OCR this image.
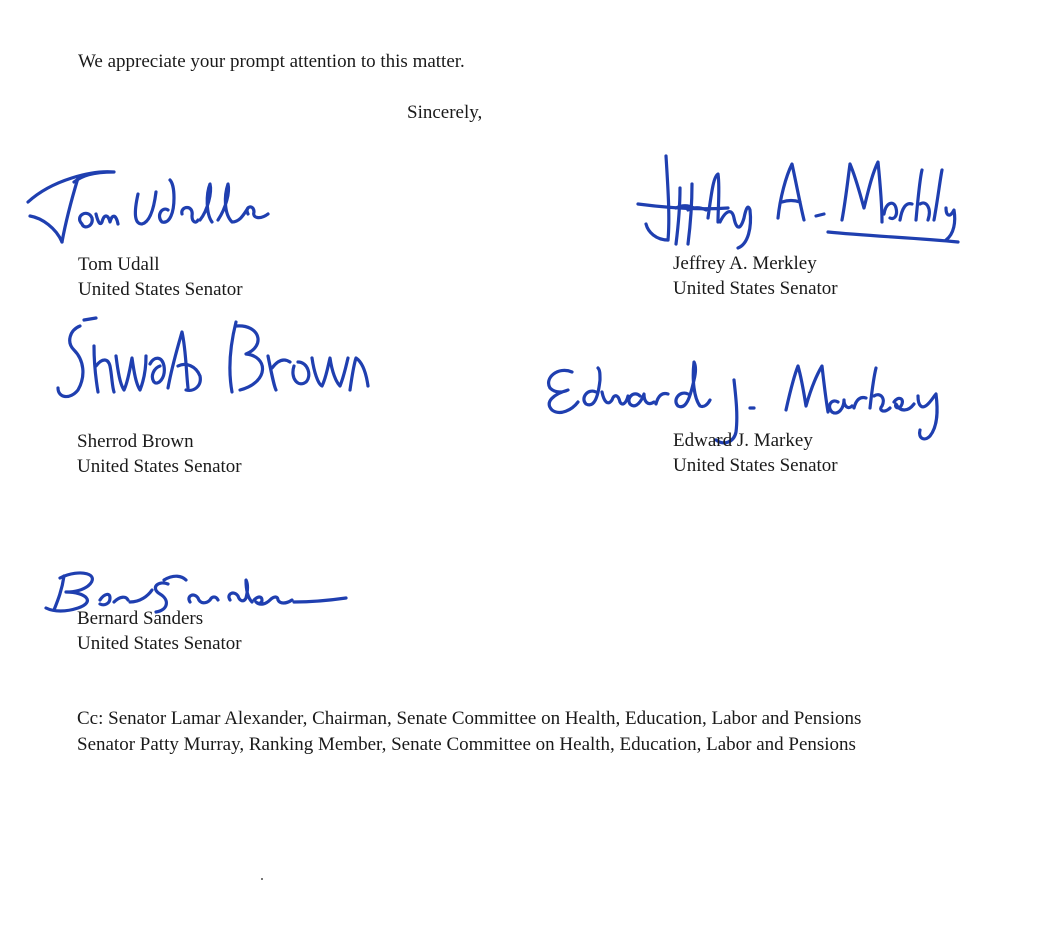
We appreciate your prompt attention to this matter.
Sincerely,
Tom Udall
United States Senator
Jeffrey A. Merkley
United States Senator
Sherrod Brown
United States Senator
Edward J. Markey
United States Senator
Bernard Sanders
United States Senator
Cc: Senator Lamar Alexander, Chairman, Senate Committee on Health, Education, Labor and Pensions
Senator Patty Murray, Ranking Member, Senate Committee on Health, Education, Labor and Pensions
